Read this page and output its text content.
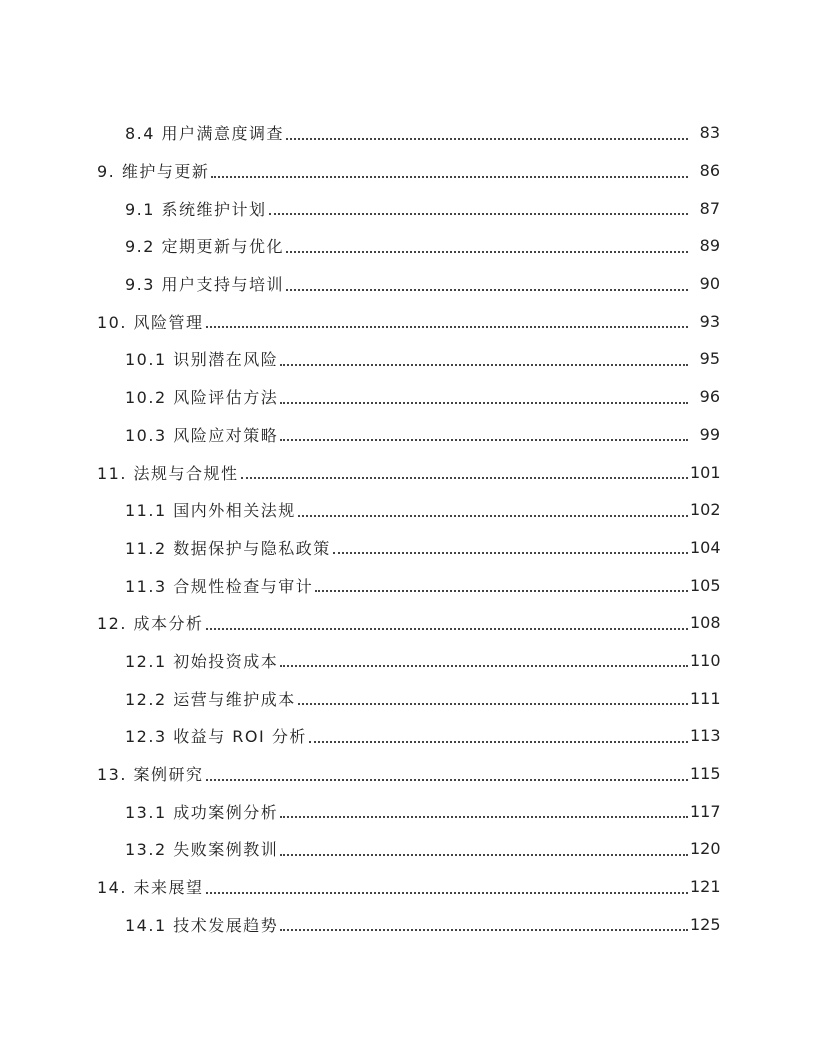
8.4 用户满意度调查	83
9. 维护与更新	86
9.1 系统维护计划	87
9.2 定期更新与优化	89
9.3 用户支持与培训	90
10. 风险管理	93
10.1 识别潜在风险	95
10.2 风险评估方法	96
10.3 风险应对策略	99
11. 法规与合规性	101
11.1 国内外相关法规	102
11.2 数据保护与隐私政策	104
11.3 合规性检查与审计	105
12. 成本分析	108
12.1 初始投资成本	110
12.2 运营与维护成本	111
12.3 收益与 ROI 分析	113
13. 案例研究	115
13.1 成功案例分析	117
13.2 失败案例教训	120
14. 未来展望	121
14.1 技术发展趋势	125
